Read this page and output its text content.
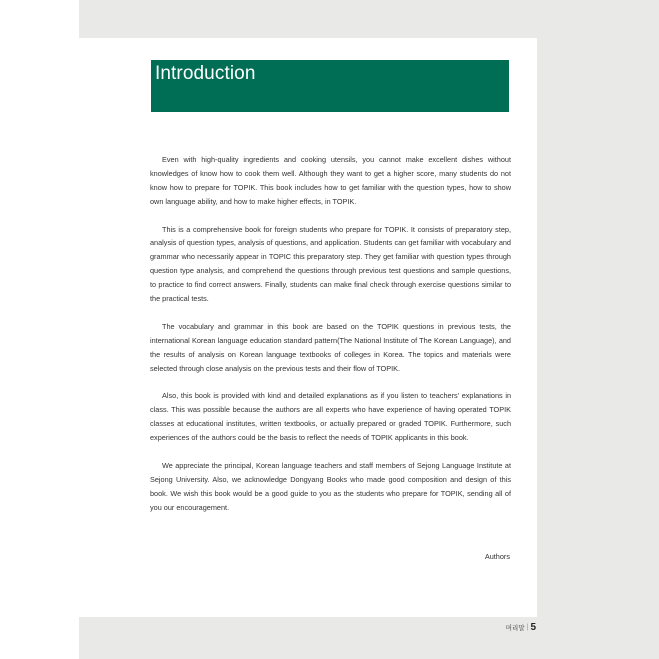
Introduction

Even with high-quality ingredients and cooking utensils, you cannot make excellent dishes without knowledges of know how to cook them well. Although they want to get a higher score, many students do not know how to prepare for TOPIK. This book includes how to get familiar with the question types, how to show own language ability, and how to make higher effects, in TOPIK.

This is a comprehensive book for foreign students who prepare for TOPIK. It consists of preparatory step, analysis of question types, analysis of questions, and application. Students can get familiar with vocabulary and grammar who necessarily appear in TOPIC this preparatory step. They get familiar with question types through question type analysis, and comprehend the questions through previous test questions and sample questions, to practice to find correct answers. Finally, students can make final check through exercise questions similar to the practical tests.

The vocabulary and grammar in this book are based on the TOPIK questions in previous tests, the international Korean language education standard pattern(The National Institute of The Korean Language), and the results of analysis on Korean language textbooks of colleges in Korea. The topics and materials were selected through close analysis on the previous tests and their flow of TOPIK.

Also, this book is provided with kind and detailed explanations as if you listen to teachers' explanations in class. This was possible because the authors are all experts who have experience of having operated TOPIK classes at educational institutes, written textbooks, or actually prepared or graded TOPIK. Furthermore, such experiences of the authors could be the basis to reflect the needs of TOPIK applicants in this book.

We appreciate the principal, Korean language teachers and staff members of Sejong Language Institute at Sejong University. Also, we acknowledge Dongyang Books who made good composition and design of this book. We wish this book would be a good guide to you as the students who prepare for TOPIK, sending all of you our encouragement.

Authors
머리말 | 5
